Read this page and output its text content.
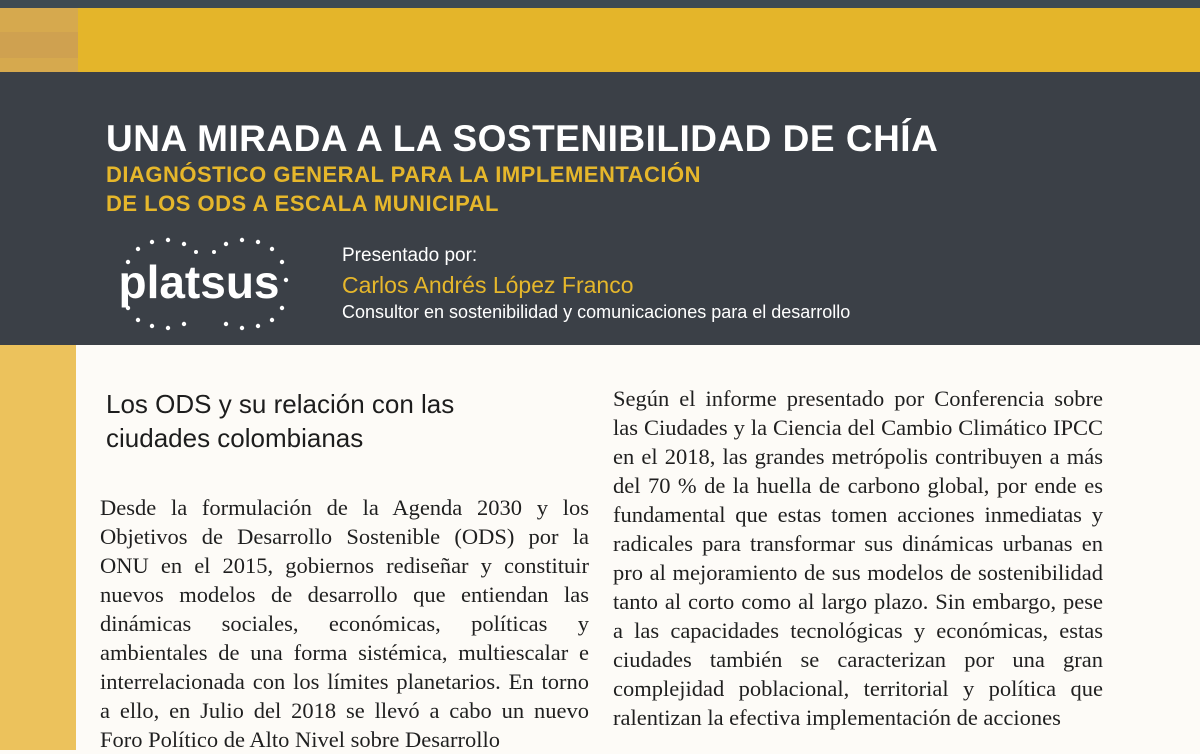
UNA MIRADA A LA SOSTENIBILIDAD DE CHÍA
DIAGNÓSTICO GENERAL PARA LA IMPLEMENTACIÓN
DE LOS ODS A ESCALA MUNICIPAL
platsus
Presentado por:
Carlos Andrés López Franco
Consultor en sostenibilidad y comunicaciones para el desarrollo
Los ODS y su relación con las ciudades colombianas

Desde la formulación de la Agenda 2030 y los Objetivos de Desarrollo Sostenible (ODS) por la ONU en el 2015, gobiernos rediseñar y constituir nuevos modelos de desarrollo que entiendan las dinámicas sociales, económicas, políticas y ambientales de una forma sistémica, multiescalar e interrelacionada con los límites planetarios. En torno a ello, en Julio del 2018 se llevó a cabo un nuevo Foro Político de Alto Nivel sobre Desarrollo

Según el informe presentado por Conferencia sobre las Ciudades y la Ciencia del Cambio Climático IPCC en el 2018, las grandes metrópolis contribuyen a más del 70 % de la huella de carbono global, por ende es fundamental que estas tomen acciones inmediatas y radicales para transformar sus dinámicas urbanas en pro al mejoramiento de sus modelos de sostenibilidad tanto al corto como al largo plazo. Sin embargo, pese a las capacidades tecnológicas y económicas, estas ciudades también se caracterizan por una gran complejidad poblacional, territorial y política que ralentizan la efectiva implementación de acciones
